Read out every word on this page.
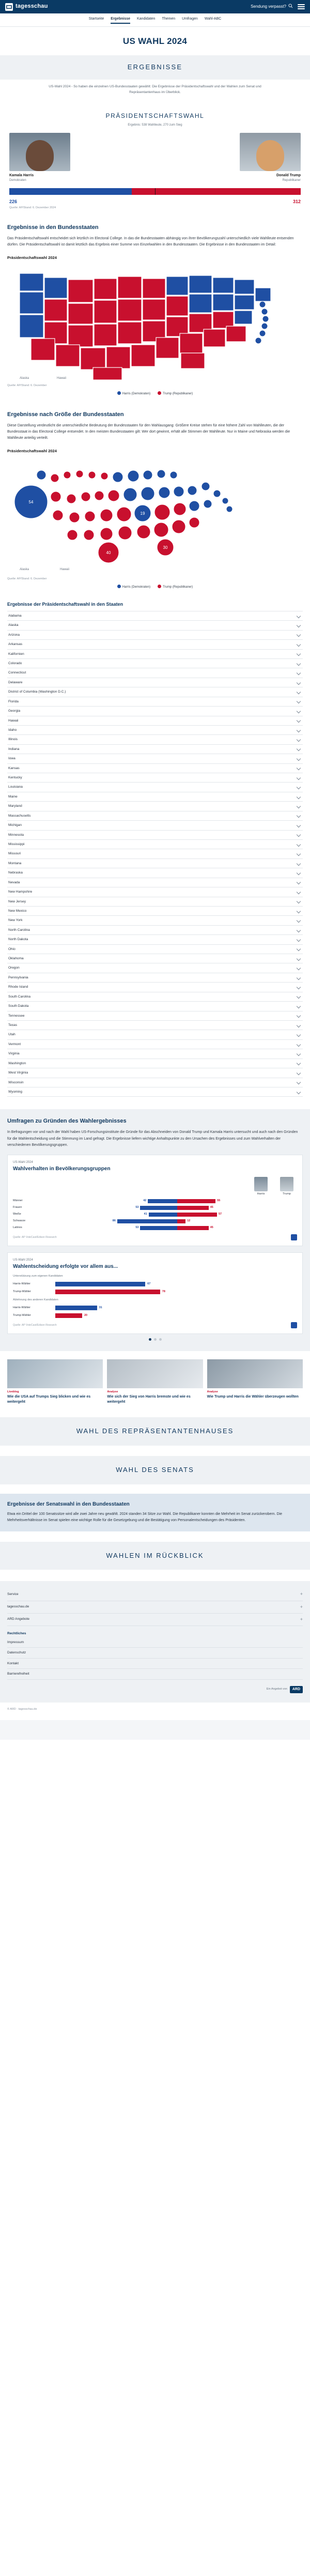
tagesschau	Sendung verpasst?
Startseite Ergebnisse Kandidaten Themen Umfragen Wahl-ABC
US WAHL 2024
ERGEBNISSE
US-Wahl 2024 - So haben die einzelnen US-Bundesstaaten gewählt: Die Ergebnisse der Präsidentschaftswahl und der Wahlen zum Senat und Repräsentantenhaus im Überblick.
PRÄSIDENTSCHAFTSWAHL
Ergebnis: 538 Wahlleute, 270 zum Sieg
Kamala Harris
Demokraten
Donald Trump
Republikaner
226	312
Quelle: AP/Stand: 6. Dezember 2024
Ergebnisse in den Bundesstaaten

Das Präsidentschaftswahl entscheidet sich letztlich im Electoral College. In das die Bundesstaaten abhängig von ihrer Bevölkerungszahl unterschiedlich viele Wahlleute entsenden dürfen. Die Präsidentschaftswahl ist damit letztlich das Ergebnis einer Summe von Einzelwahlen in den Bundesstaaten. Die Ergebnisse in den Bundesstaaten im Detail:

Präsidentschaftswahl 2024
Alaska	Hawaii
Quelle: AP/Stand: 6. Dezember
Harris (Demokraten)	Trump (Republikaner)
Ergebnisse nach Größe der Bundesstaaten

Diese Darstellung verdeutlicht die unterschiedliche Bedeutung der Bundesstaaten für den Wahlausgang: Größere Kreise stehen für eine höhere Zahl von Wahlleuten, die der Bundesstaat in das Electoral College entsendet. In den meisten Bundesstaaten gilt: Wer dort gewinnt, erhält alle Stimmen der Wahlleute. Nur in Maine und Nebraska werden die Wahlleute anteilig verteilt.

Präsidentschaftswahl 2024
54
40
19
30
Alaska	Hawaii
Quelle: AP/Stand: 6. Dezember
Harris (Demokraten)	Trump (Republikaner)
Ergebnisse der Präsidentschaftswahl in den Staaten
Alabama
Alaska
Arizona
Arkansas
Kalifornien
Colorado
Connecticut
Delaware
District of Columbia (Washington D.C.)
Florida
Georgia
Hawaii
Idaho
Illinois
Indiana
Iowa
Kansas
Kentucky
Louisiana
Maine
Maryland
Massachusetts
Michigan
Minnesota
Mississippi
Missouri
Montana
Nebraska
Nevada
New Hampshire
New Jersey
New Mexico
New York
North Carolina
North Dakota
Ohio
Oklahoma
Oregon
Pennsylvania
Rhode Island
South Carolina
South Dakota
Tennessee
Texas
Utah
Vermont
Virginia
Washington
West Virginia
Wisconsin
Wyoming
Umfragen zu Gründen des Wahlergebnisses

In Befragungen vor und nach der Wahl haben US-Forschungsinstitute die Gründe für das Abschneiden von Donald Trump und Kamala Harris untersucht und auch nach den Gründen für die Wahlentscheidung und die Stimmung im Land gefragt. Die Ergebnisse liefern wichtige Anhaltspunkte zu den Ursachen des Ergebnisses und zum Wahlverhalten der verschiedenen Bevölkerungsgruppen.

US-Wahl 2024
Wahlverhalten in Bevölkerungsgruppen
Harris	Trump
Männer	42	55
Frauen	53	45
Weiße	41	57
Schwarze	86	12
Latinos	53	45
Quelle: AP VoteCast/Edison Research
US-Wahl 2024
Wahlentscheidung erfolgte vor allem aus...
Unterstützung zum eigenen Kandidaten
Harris-Wähler	67
Trump-Wähler	78
Ablehnung des anderen Kandidaten
Harris-Wähler	31
Trump-Wähler	20
Quelle: AP VoteCast/Edison Research
Liveblog
Wie die USA auf Trumps Sieg blicken und wie es weitergeht
Analyse
Wie sich der Sieg von Harris bremste und wie es weitergeht
Analyse
Wie Trump und Harris die Wähler überzeugen wollten
WAHL DES REPRÄSENTANTENHAUSES
WAHL DES SENATS
Ergebnisse der Senatswahl in den Bundesstaaten

Etwa ein Drittel der 100 Senatssitze wird alle zwei Jahre neu gewählt. 2024 standen 34 Sitze zur Wahl. Die Republikaner konnten die Mehrheit im Senat zurückerobern. Die Mehrheitsverhältnisse im Senat spielen eine wichtige Rolle für die Gesetzgebung und die Bestätigung von Personalentscheidungen des Präsidenten.

WAHLEN IM RÜCKBLICK
Service	+
tagesschau.de	+
ARD Angebote	+
Rechtliches
Impressum
Datenschutz
Kontakt
Barrierefreiheit
Ein Angebot von	ARD
© ARD · tagesschau.de
